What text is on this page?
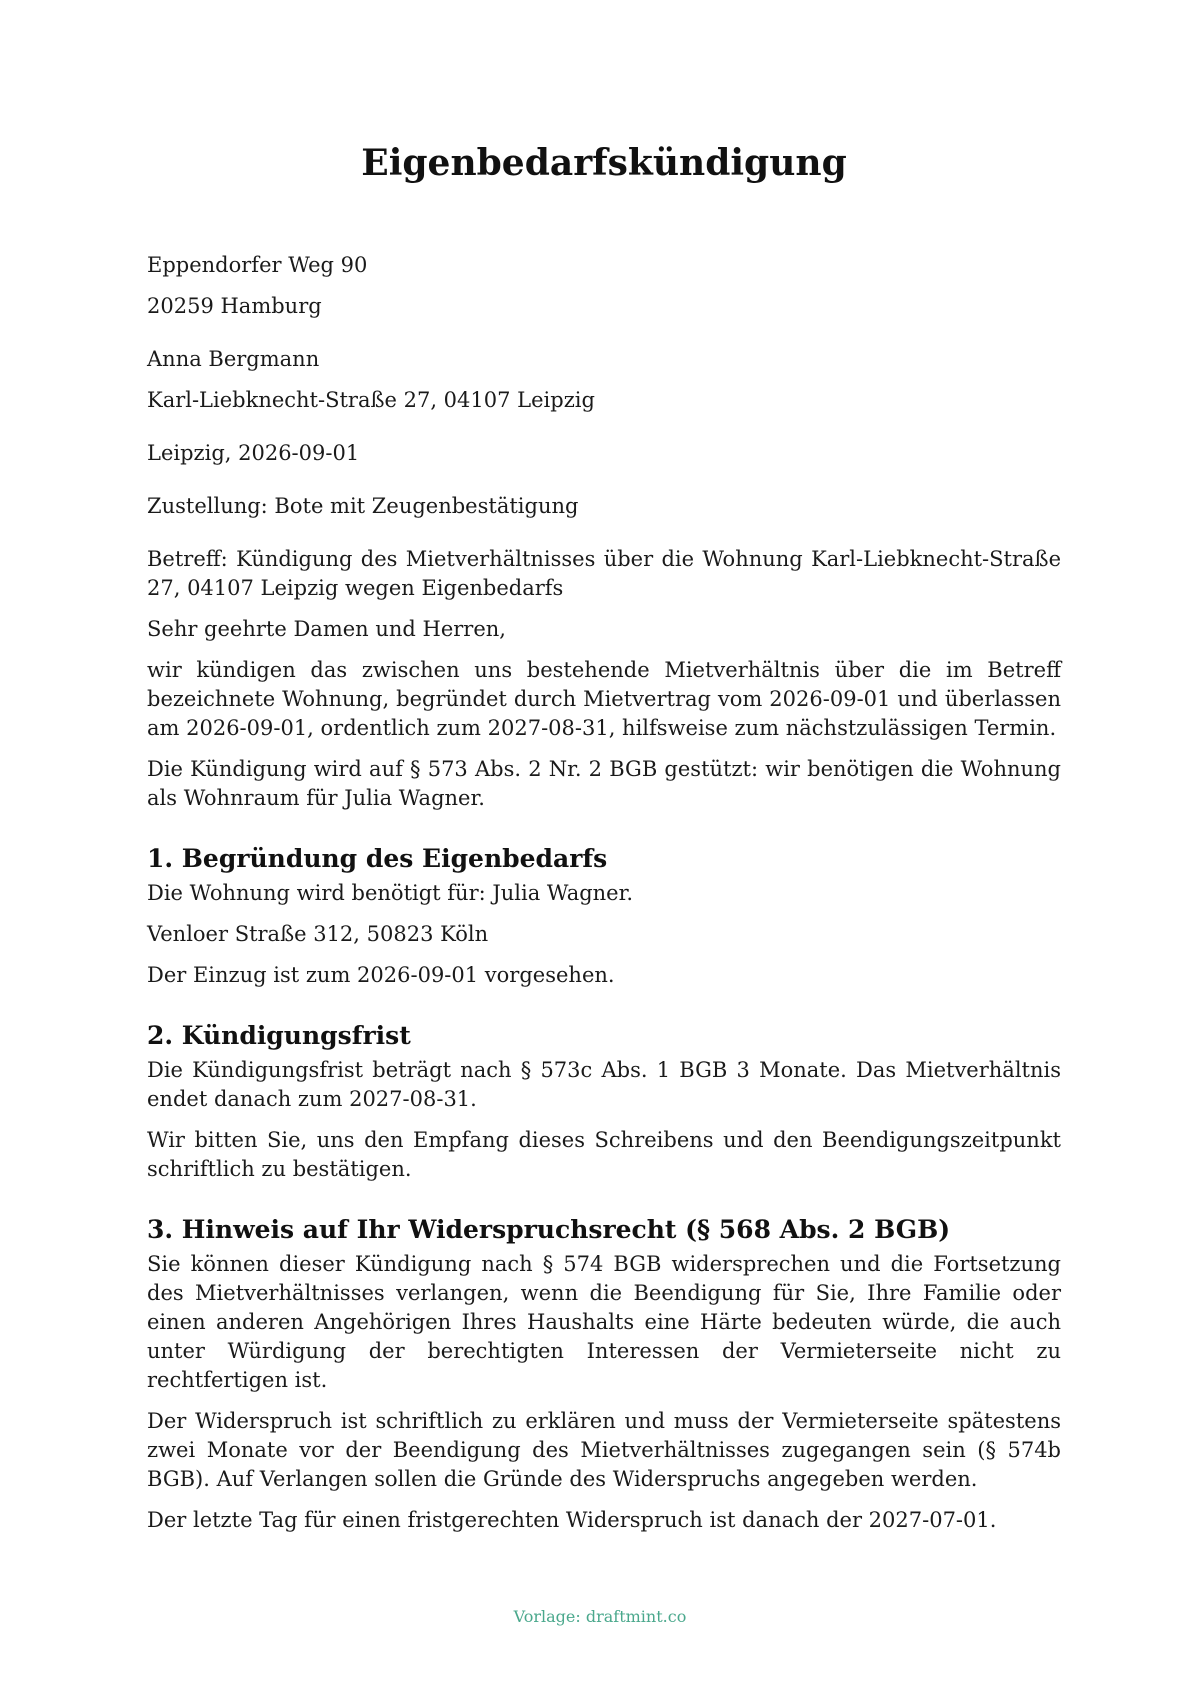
Eigenbedarfskündigung

Eppendorfer Weg 90

20259 Hamburg

Anna Bergmann

Karl-Liebknecht-Straße 27, 04107 Leipzig

Leipzig, 2026-09-01

Zustellung: Bote mit Zeugenbestätigung

Betreff: Kündigung des Mietverhältnisses über die Wohnung Karl-Liebknecht-Straße 27, 04107 Leipzig wegen Eigenbedarfs

Sehr geehrte Damen und Herren,

wir kündigen das zwischen uns bestehende Mietverhältnis über die im Betreff bezeichnete Wohnung, begründet durch Mietvertrag vom 2026-09-01 und überlassen am 2026-09-01, ordentlich zum 2027-08-31, hilfsweise zum nächstzulässigen Termin.

Die Kündigung wird auf § 573 Abs. 2 Nr. 2 BGB gestützt: wir benötigen die Wohnung als Wohnraum für Julia Wagner.

1. Begründung des Eigenbedarfs

Die Wohnung wird benötigt für: Julia Wagner.

Venloer Straße 312, 50823 Köln

Der Einzug ist zum 2026-09-01 vorgesehen.

2. Kündigungsfrist

Die Kündigungsfrist beträgt nach § 573c Abs. 1 BGB 3 Monate. Das Mietverhältnis endet danach zum 2027-08-31.

Wir bitten Sie, uns den Empfang dieses Schreibens und den Beendigungszeitpunkt schriftlich zu bestätigen.

3. Hinweis auf Ihr Widerspruchsrecht (§ 568 Abs. 2 BGB)

Sie können dieser Kündigung nach § 574 BGB widersprechen und die Fortsetzung des Mietverhältnisses verlangen, wenn die Beendigung für Sie, Ihre Familie oder einen anderen Angehörigen Ihres Haushalts eine Härte bedeuten würde, die auch unter Würdigung der berechtigten Interessen der Vermieterseite nicht zu rechtfertigen ist.

Der Widerspruch ist schriftlich zu erklären und muss der Vermieterseite spätestens zwei Monate vor der Beendigung des Mietverhältnisses zugegangen sein (§ 574b BGB). Auf Verlangen sollen die Gründe des Widerspruchs angegeben werden.

Der letzte Tag für einen fristgerechten Widerspruch ist danach der 2027-07-01.

Vorlage: draftmint.co
